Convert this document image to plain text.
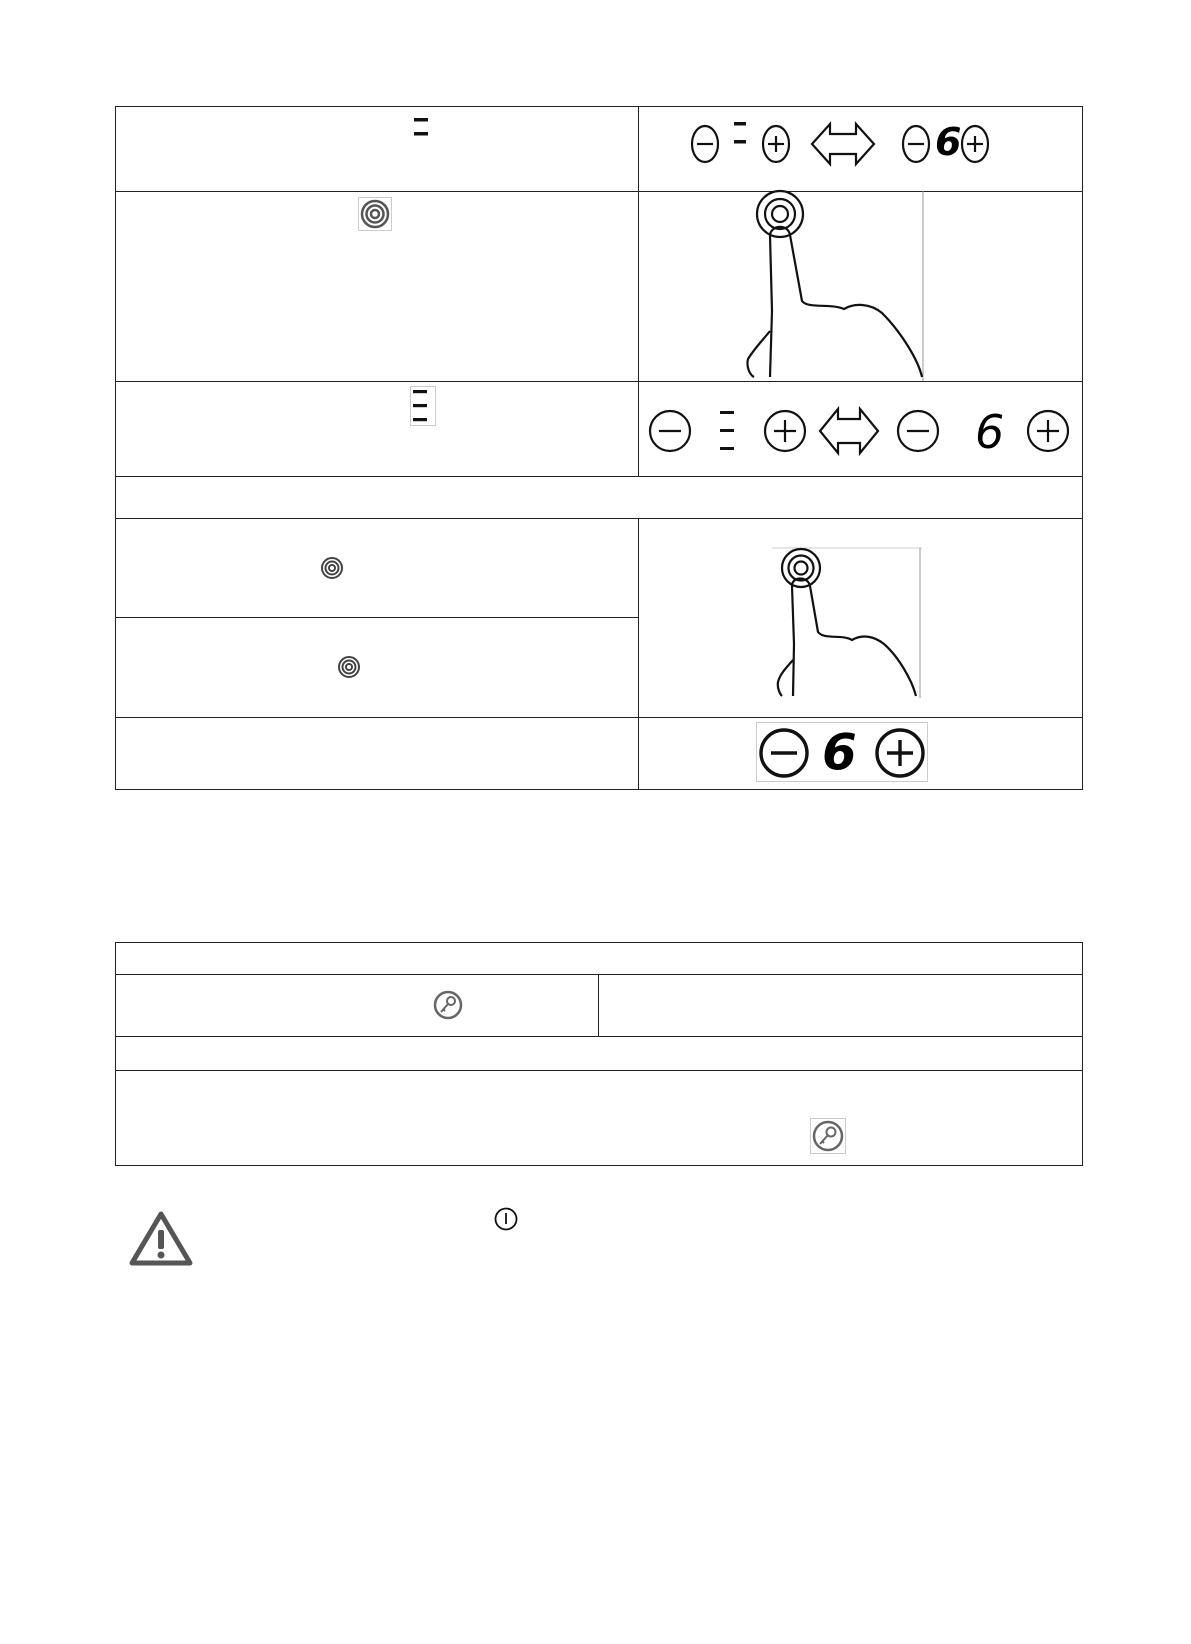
6
6
6
